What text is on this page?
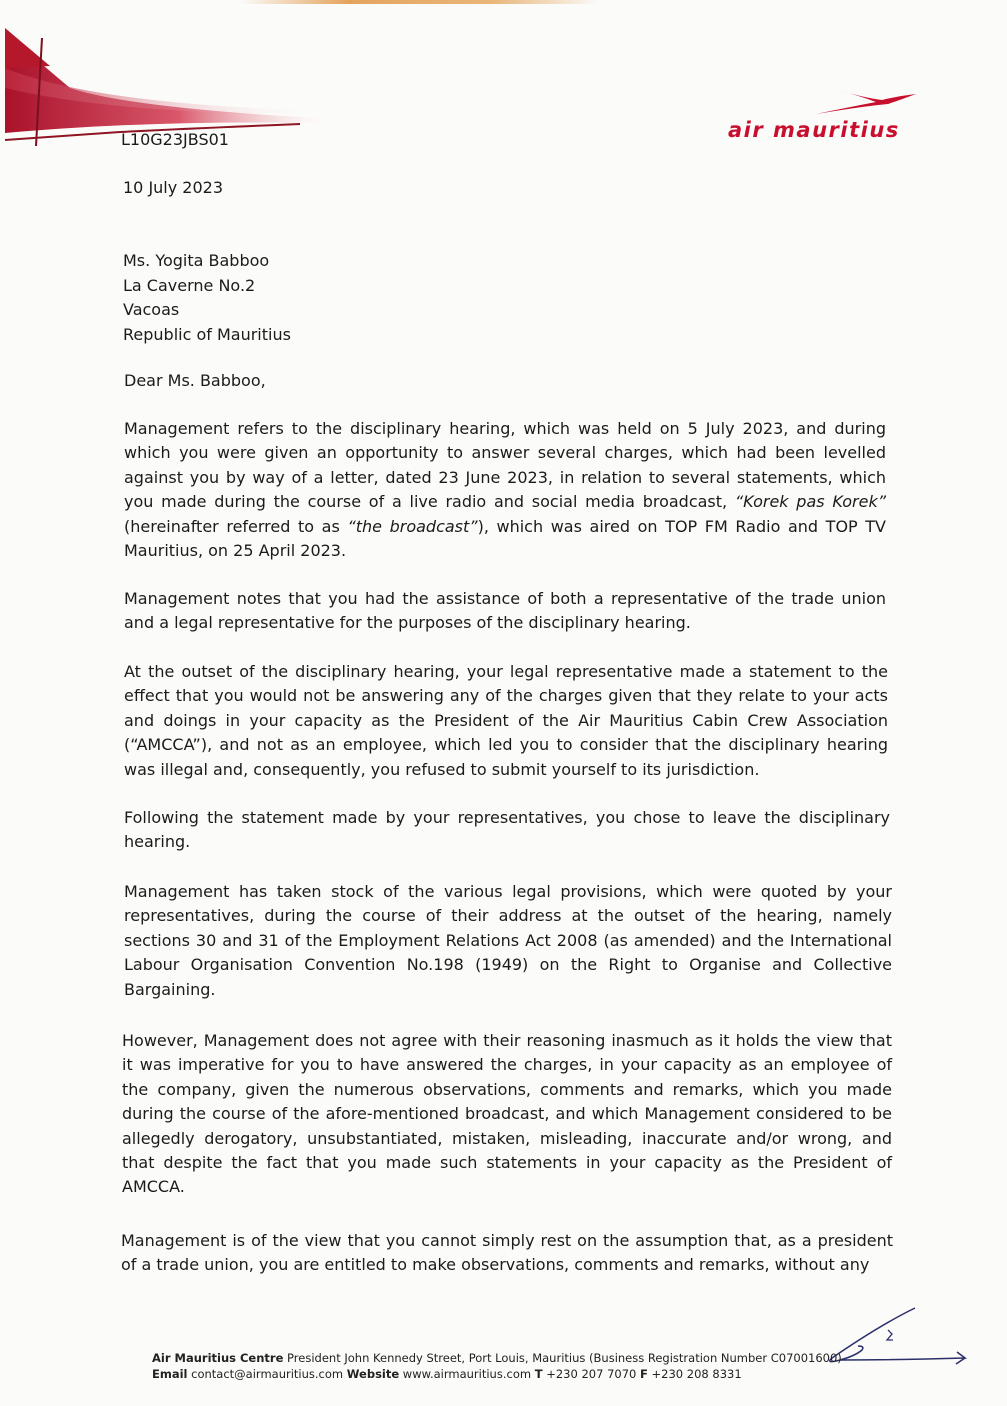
L10G23JBS01	air mauritius
10 July 2023
Ms. Yogita Babboo
La Caverne No.2
Vacoas
Republic of Mauritius
Dear Ms. Babboo,
Management refers to the disciplinary hearing, which was held on 5 July 2023, and during which you were given an opportunity to answer several charges, which had been levelled against you by way of a letter, dated 23 June 2023, in relation to several statements, which you made during the course of a live radio and social media broadcast, “Korek pas Korek” (hereinafter referred to as “the broadcast”), which was aired on TOP FM Radio and TOP TV Mauritius, on 25 April 2023.
Management notes that you had the assistance of both a representative of the trade union and a legal representative for the purposes of the disciplinary hearing.
At the outset of the disciplinary hearing, your legal representative made a statement to the effect that you would not be answering any of the charges given that they relate to your acts and doings in your capacity as the President of the Air Mauritius Cabin Crew Association (“AMCCA”), and not as an employee, which led you to consider that the disciplinary hearing was illegal and, consequently, you refused to submit yourself to its jurisdiction.
Following the statement made by your representatives, you chose to leave the disciplinary hearing.
Management has taken stock of the various legal provisions, which were quoted by your representatives, during the course of their address at the outset of the hearing, namely sections 30 and 31 of the Employment Relations Act 2008 (as amended) and the International Labour Organisation Convention No.198 (1949) on the Right to Organise and Collective Bargaining.
However, Management does not agree with their reasoning inasmuch as it holds the view that it was imperative for you to have answered the charges, in your capacity as an employee of the company, given the numerous observations, comments and remarks, which you made during the course of the afore-mentioned broadcast, and which Management considered to be allegedly derogatory, unsubstantiated, mistaken, misleading, inaccurate and/or wrong, and that despite the fact that you made such statements in your capacity as the President of AMCCA.
Management is of the view that you cannot simply rest on the assumption that, as a president of a trade union, you are entitled to make observations, comments and remarks, without any
Air Mauritius Centre President John Kennedy Street, Port Louis, Mauritius (Business Registration Number C07001600)
Email contact@airmauritius.com Website www.airmauritius.com T +230 207 7070 F +230 208 8331
